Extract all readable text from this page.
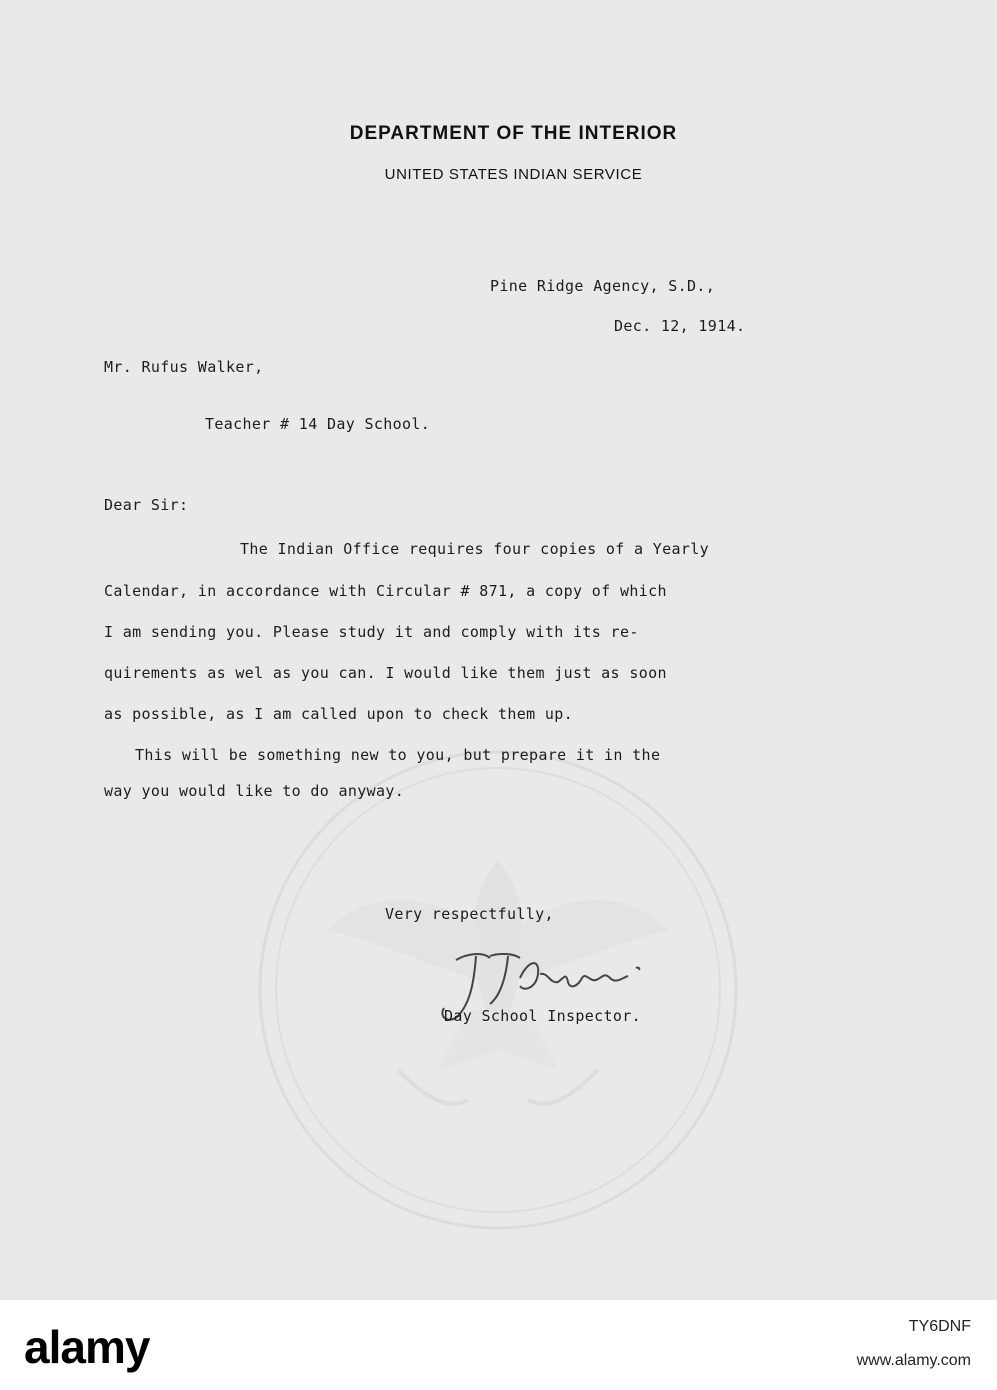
DEPARTMENT OF THE INTERIOR
UNITED STATES INDIAN SERVICE
Pine Ridge Agency, S.D.,
Dec. 12, 1914.
Mr. Rufus Walker,
Teacher # 14 Day School.
Dear Sir:
The Indian Office requires four copies of a Yearly
Calendar, in accordance with Circular # 871, a copy of which
I am sending you. Please study it and comply with its re-
quirements as wel as you can. I would like them just as soon
as possible, as I am called upon to check them up.
This will be something new to you, but prepare it in the
way you would like to do anyway.
Very respectfully,
Day School Inspector.
alamy	TY6DNF
www.alamy.com
